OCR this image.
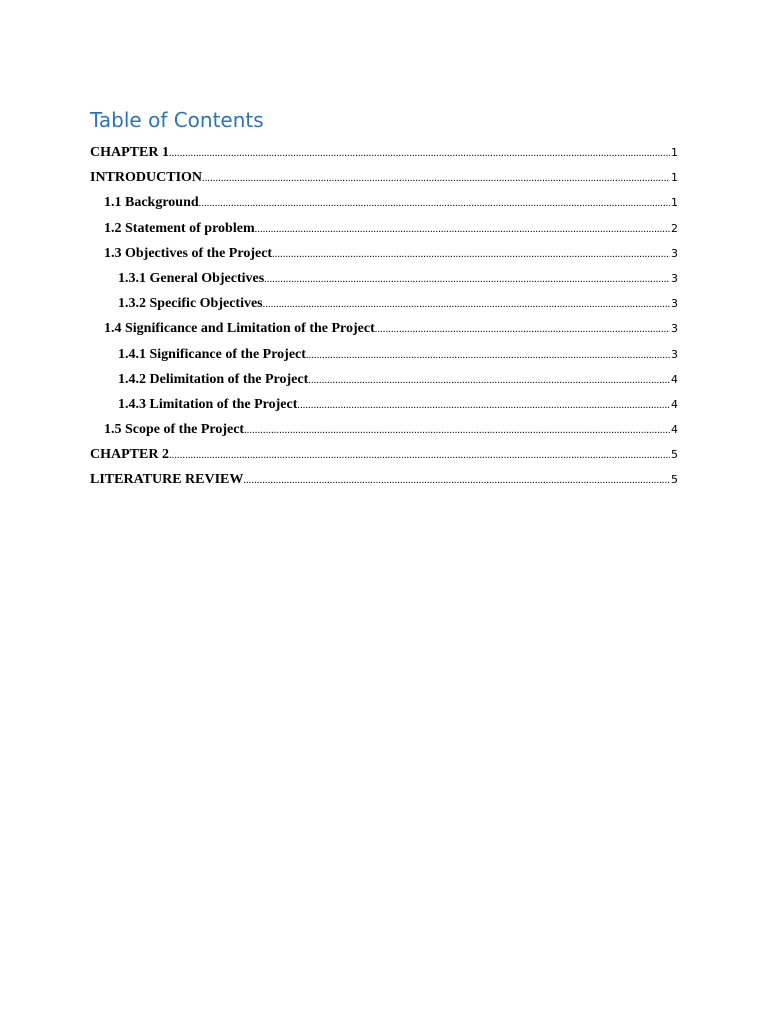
Table of Contents
CHAPTER 1 .....	1
INTRODUCTION .....	1
1.1 Background .....	1
1.2 Statement of problem .....	2
1.3 Objectives of the Project .....	3
1.3.1 General Objectives .....	3
1.3.2 Specific Objectives .....	3
1.4 Significance and Limitation of the Project .....	3
1.4.1 Significance of the Project .....	3
1.4.2 Delimitation of the Project .....	4
1.4.3 Limitation of the Project .....	4
1.5 Scope of the Project .....	4
CHAPTER 2 .....	5
LITERATURE REVIEW .....	5
